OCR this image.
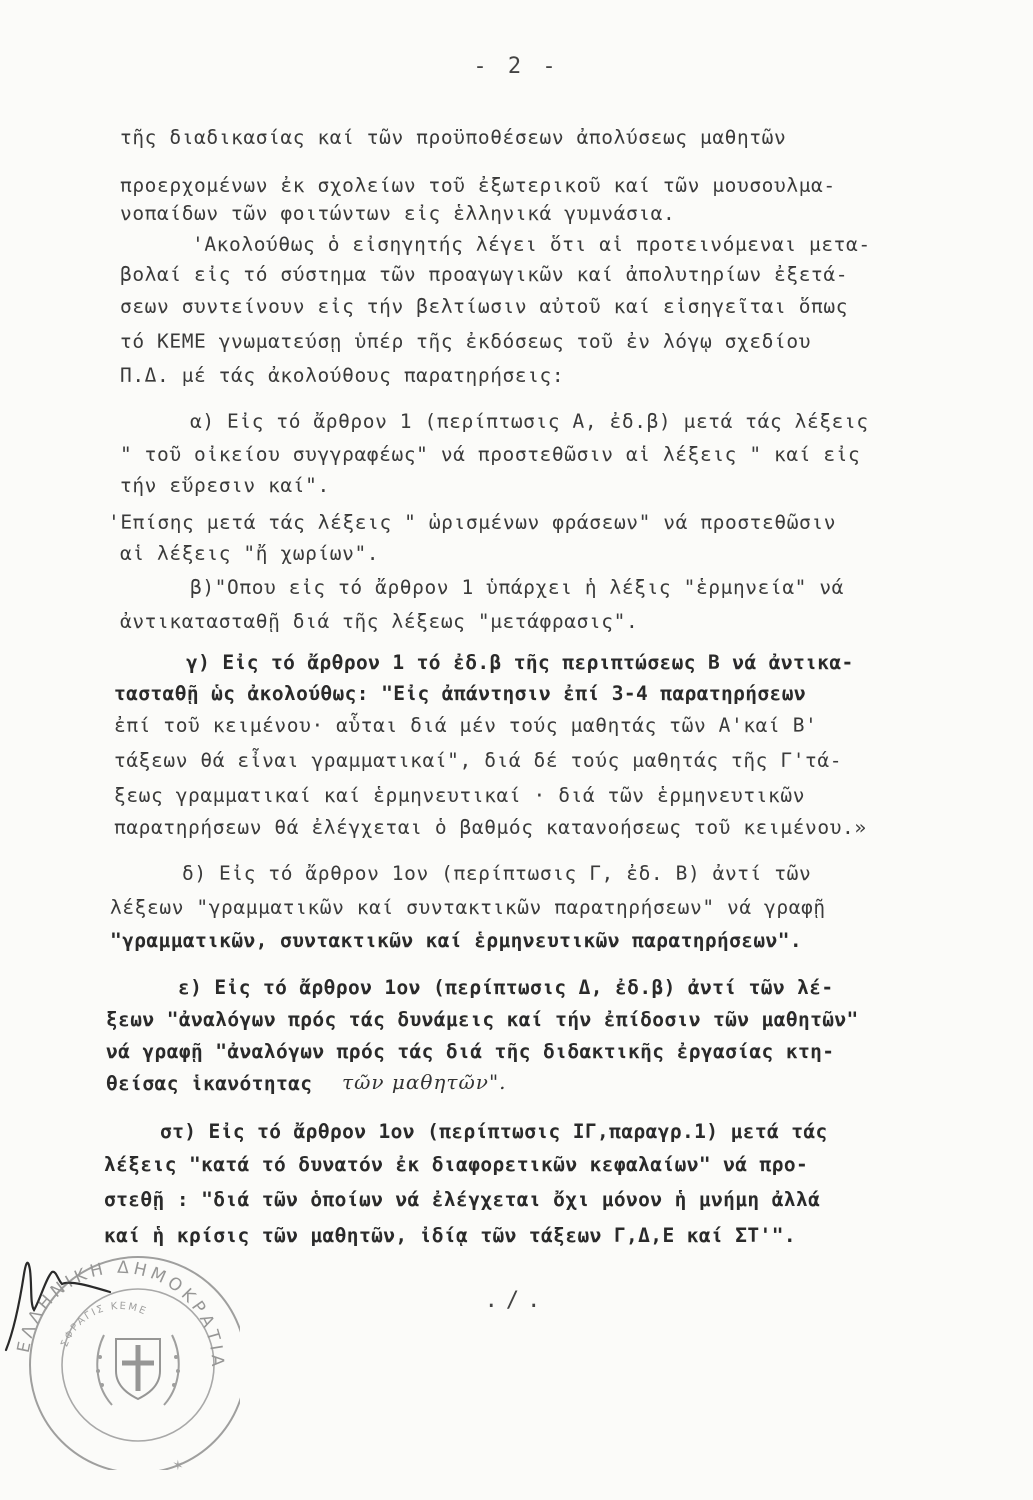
- 2 -
τῆς διαδικασίας καί τῶν προϋποθέσεων ἀπολύσεως μαθητῶν
προερχομένων ἐκ σχολείων τοῦ ἐξωτερικοῦ καί τῶν μουσουλμα-
νοπαίδων τῶν φοιτώντων εἰς ἑλληνικά γυμνάσια.
'Ακολούθως ὁ εἰσηγητής λέγει ὅτι αἱ προτεινόμεναι μετα-
βολαί εἰς τό σύστημα τῶν προαγωγικῶν καί ἀπολυτηρίων ἐξετά-
σεων συντείνουν εἰς τήν βελτίωσιν αὐτοῦ καί εἰσηγεῖται ὅπως
τό ΚΕΜΕ γνωματεύσῃ ὑπέρ τῆς ἐκδόσεως τοῦ ἐν λόγῳ σχεδίου
Π.Δ. μέ τάς ἀκολούθους παρατηρήσεις:
α) Εἰς τό ἄρθρον 1 (περίπτωσις Α, ἐδ.β) μετά τάς λέξεις
" τοῦ οἰκείου συγγραφέως" νά προστεθῶσιν αἱ λέξεις " καί εἰς
τήν εὕρεσιν καί".
'Επίσης μετά τάς λέξεις " ὡρισμένων φράσεων" νά προστεθῶσιν
αἱ λέξεις "ἤ χωρίων".
β)"Οπου εἰς τό ἄρθρον 1 ὑπάρχει ἡ λέξις "ἑρμηνεία" νά
ἀντικατασταθῇ διά τῆς λέξεως "μετάφρασις".
γ) Εἰς τό ἄρθρον 1 τό ἐδ.β τῆς περιπτώσεως Β νά ἀντικα-
τασταθῇ ὡς ἀκολούθως: "Εἰς ἀπάντησιν ἐπί 3-4 παρατηρήσεων
ἐπί τοῦ κειμένου· αὗται διά μέν τούς μαθητάς τῶν Α'καί Β'
τάξεων θά εἶναι γραμματικαί", διά δέ τούς μαθητάς τῆς Γ'τά-
ξεως γραμματικαί καί ἑρμηνευτικαί · διά τῶν ἑρμηνευτικῶν
παρατηρήσεων θά ἐλέγχεται ὁ βαθμός κατανοήσεως τοῦ κειμένου.»
δ) Εἰς τό ἄρθρον 1ον (περίπτωσις Γ, ἐδ. Β) ἀντί τῶν
λέξεων "γραμματικῶν καί συντακτικῶν παρατηρήσεων" νά γραφῇ
"γραμματικῶν, συντακτικῶν καί ἑρμηνευτικῶν παρατηρήσεων".
ε) Εἰς τό ἄρθρον 1ον (περίπτωσις Δ, ἐδ.β) ἀντί τῶν λέ-
ξεων "ἀναλόγων πρός τάς δυνάμεις καί τήν ἐπίδοσιν τῶν μαθητῶν"
νά γραφῇ "ἀναλόγων πρός τάς διά τῆς διδακτικῆς ἐργασίας κτη-
θείσας ἱκανότητας
στ) Εἰς τό ἄρθρον 1ον (περίπτωσις ΙΓ,παραγρ.1) μετά τάς
λέξεις "κατά τό δυνατόν ἐκ διαφορετικῶν κεφαλαίων" νά προ-
στεθῇ : "διά τῶν ὁποίων νά ἐλέγχεται ὄχι μόνον ἡ μνήμη ἀλλά
καί ἡ κρίσις τῶν μαθητῶν, ἰδίᾳ τῶν τάξεων Γ,Δ,Ε καί ΣΤ'".
τῶν μαθητῶν".
ΕΛΛΗΝΙΚΗ ΔΗΜΟΚΡΑΤΙΑ
ΣΦΡΑΓΙΣ ΚΕΜΕ
✶
./.
